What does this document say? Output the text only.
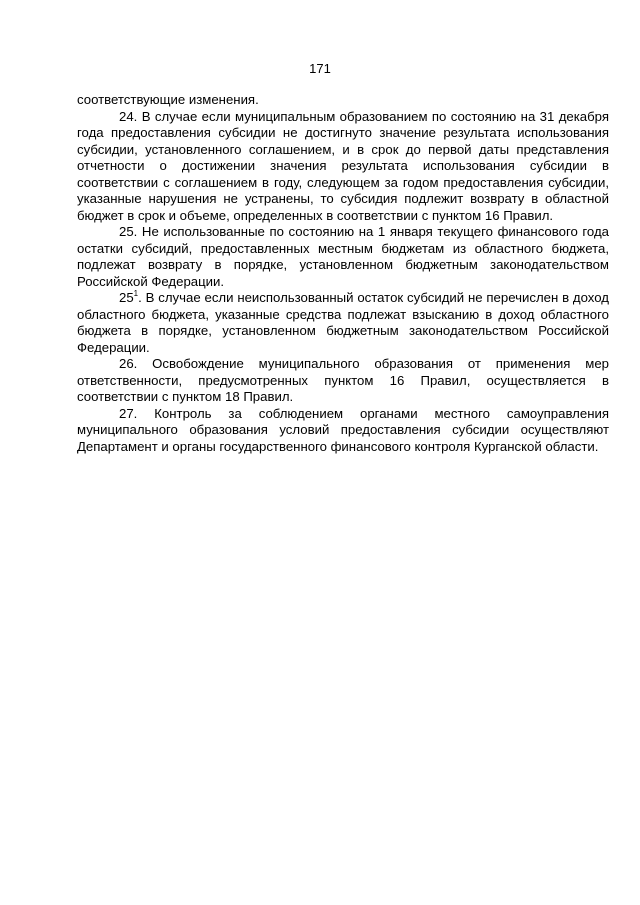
171

соответствующие изменения.

24. В случае если муниципальным образованием по состоянию на 31 декабря года предоставления субсидии не достигнуто значение результата использования субсидии, установленного соглашением, и в срок до первой даты представления отчетности о достижении значения результата использования субсидии в соответствии с соглашением в году, следующем за годом предоставления субсидии, указанные нарушения не устранены, то субсидия подлежит возврату в областной бюджет в срок и объеме, определенных в соответствии с пунктом 16 Правил.

25. Не использованные по состоянию на 1 января текущего финансового года остатки субсидий, предоставленных местным бюджетам из областного бюджета, подлежат возврату в порядке, установленном бюджетным законодательством Российской Федерации.

$25^1$. В случае если неиспользованный остаток субсидий не перечислен в доход областного бюджета, указанные средства подлежат взысканию в доход областного бюджета в порядке, установленном бюджетным законодательством Российской Федерации.

26. Освобождение муниципального образования от применения мер ответственности, предусмотренных пунктом 16 Правил, осуществляется в соответствии с пунктом 18 Правил.

27. Контроль за соблюдением органами местного самоуправления муниципального образования условий предоставления субсидии осуществляют Департамент и органы государственного финансового контроля Курганской области.
